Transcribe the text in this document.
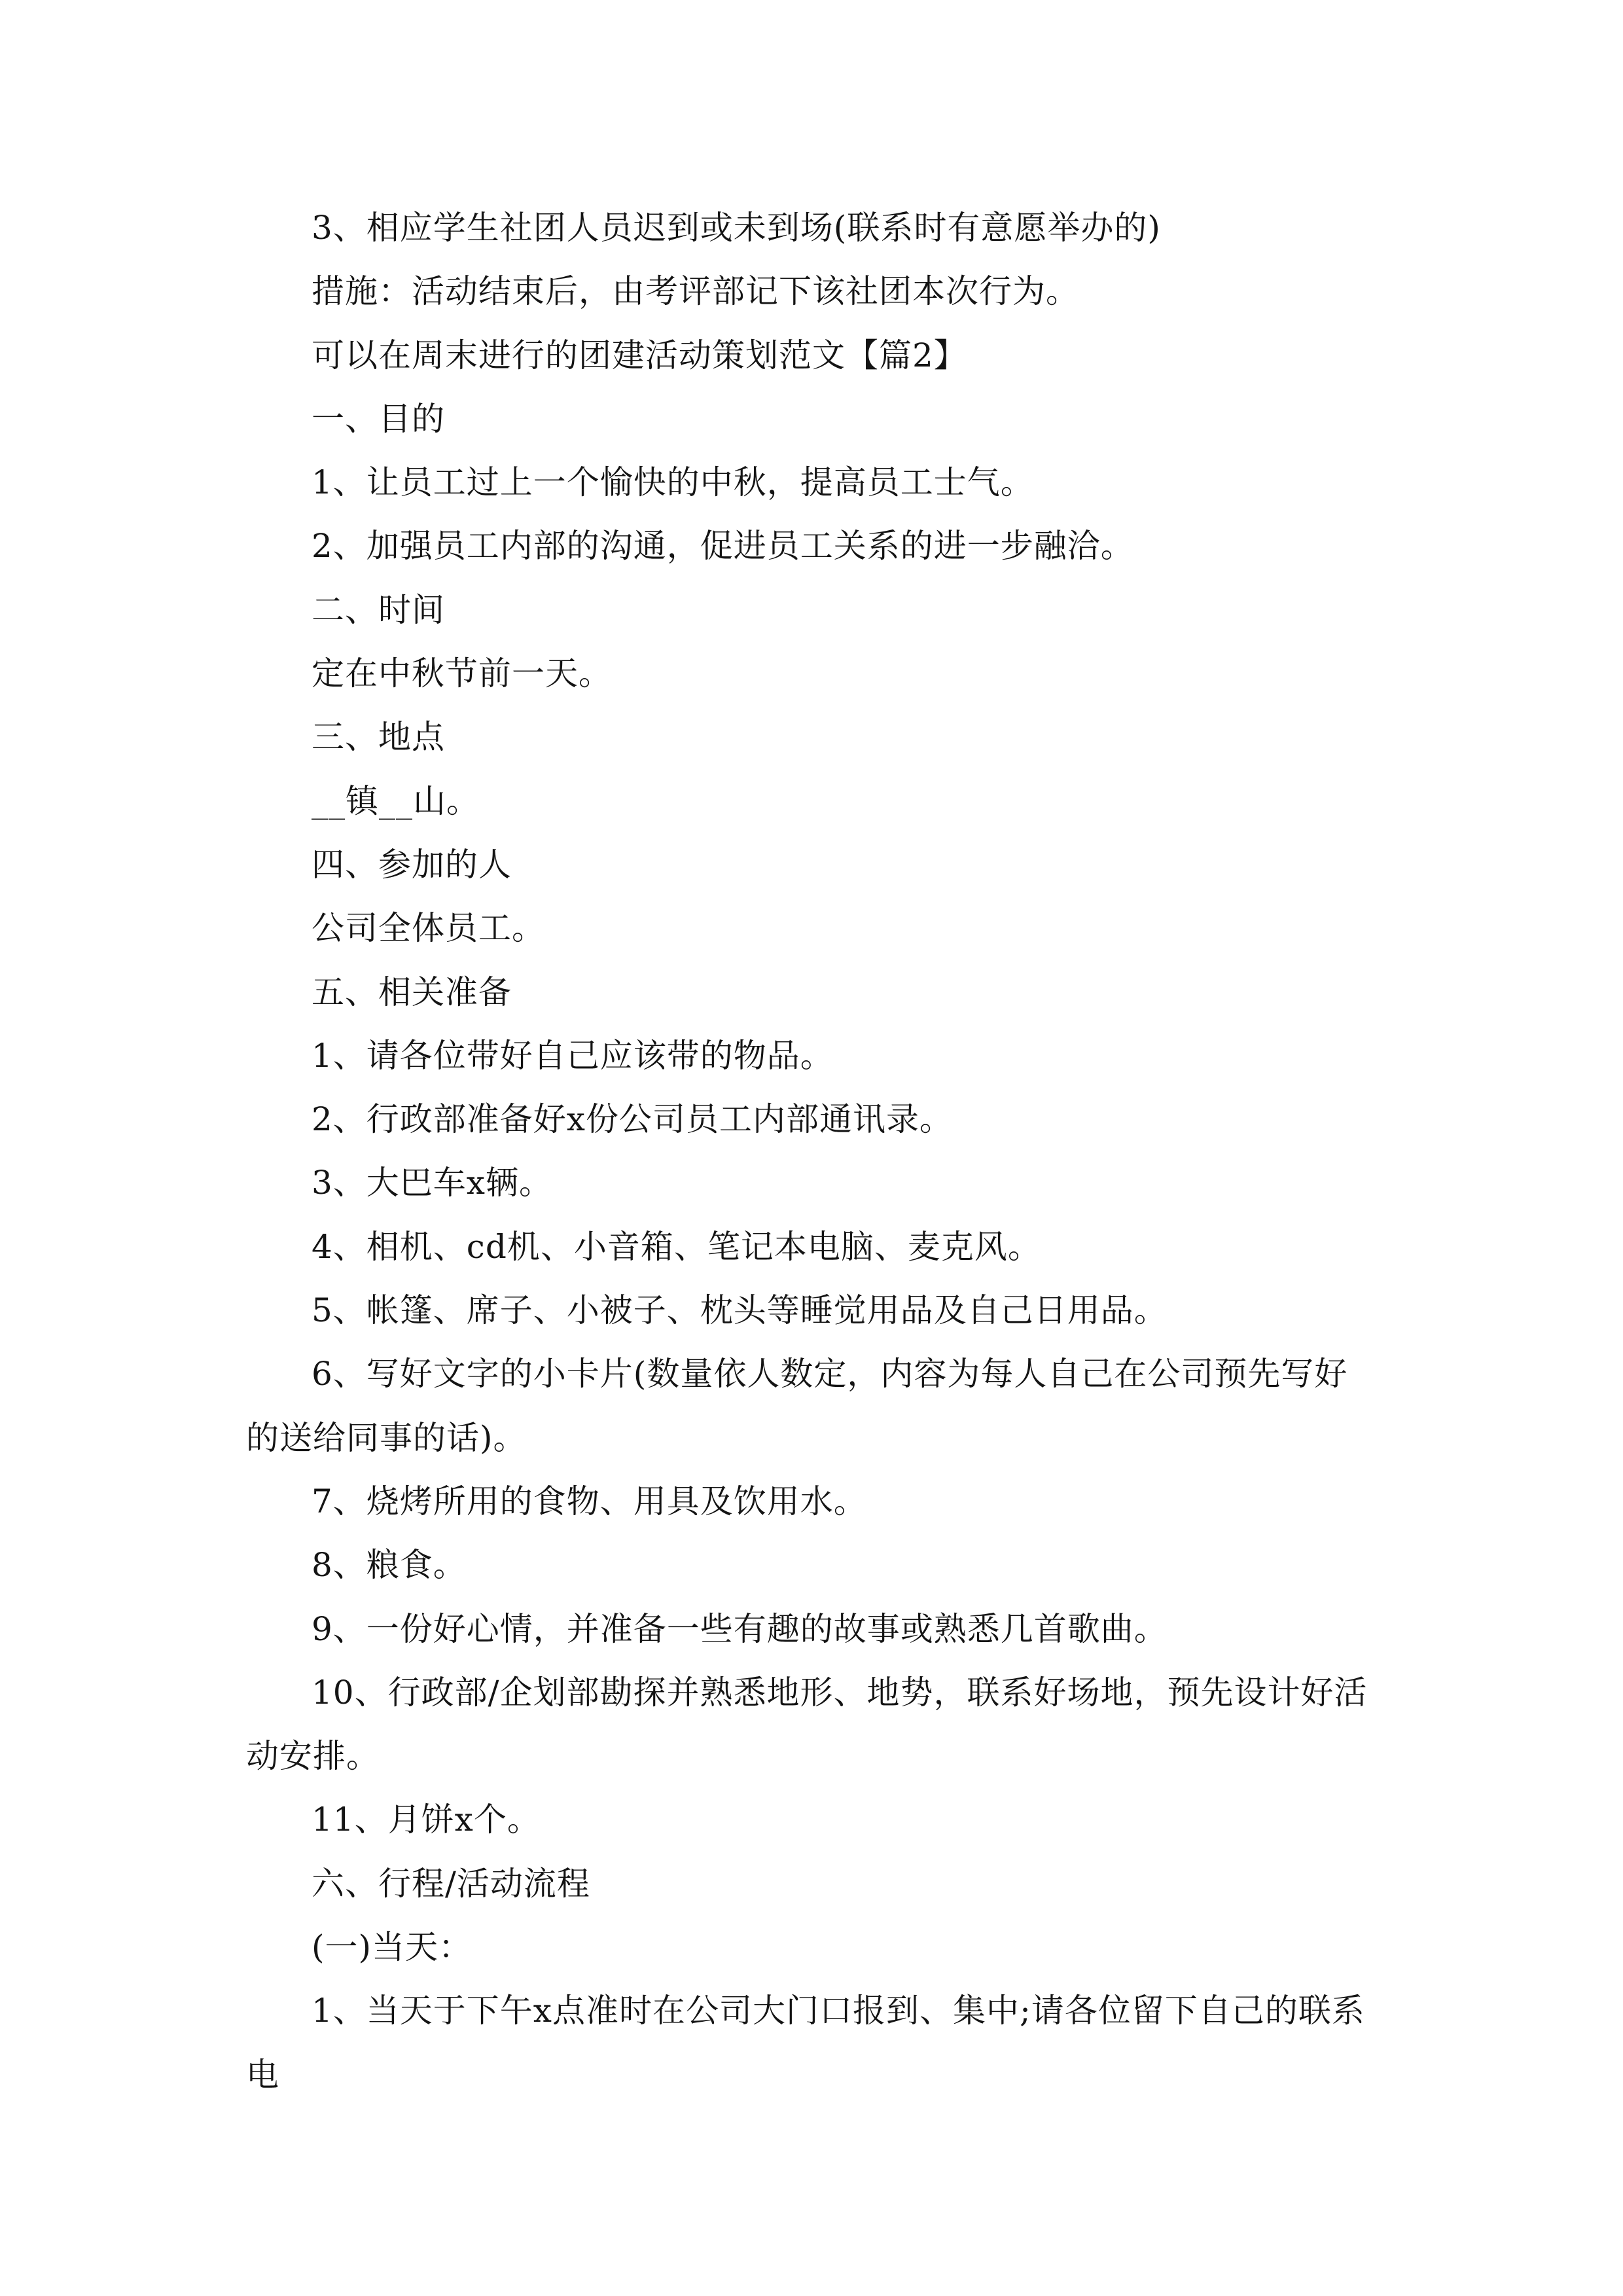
3、相应学生社团人员迟到或未到场(联系时有意愿举办的)

措施：活动结束后，由考评部记下该社团本次行为。

可以在周末进行的团建活动策划范文【篇2】

一、目的

1、让员工过上一个愉快的中秋，提高员工士气。

2、加强员工内部的沟通，促进员工关系的进一步融洽。

二、时间

定在中秋节前一天。

三、地点

__镇__山。

四、参加的人

公司全体员工。

五、相关准备

1、请各位带好自己应该带的物品。

2、行政部准备好x份公司员工内部通讯录。

3、大巴车x辆。

4、相机、cd机、小音箱、笔记本电脑、麦克风。

5、帐篷、席子、小被子、枕头等睡觉用品及自己日用品。

6、写好文字的小卡片(数量依人数定，内容为每人自己在公司预先写好的送给同事的话)。

7、烧烤所用的食物、用具及饮用水。

8、粮食。

9、一份好心情，并准备一些有趣的故事或熟悉几首歌曲。

10、行政部/企划部勘探并熟悉地形、地势，联系好场地，预先设计好活动安排。

11、月饼x个。

六、行程/活动流程

(一)当天：

1、当天于下午x点准时在公司大门口报到、集中;请各位留下自己的联系电
